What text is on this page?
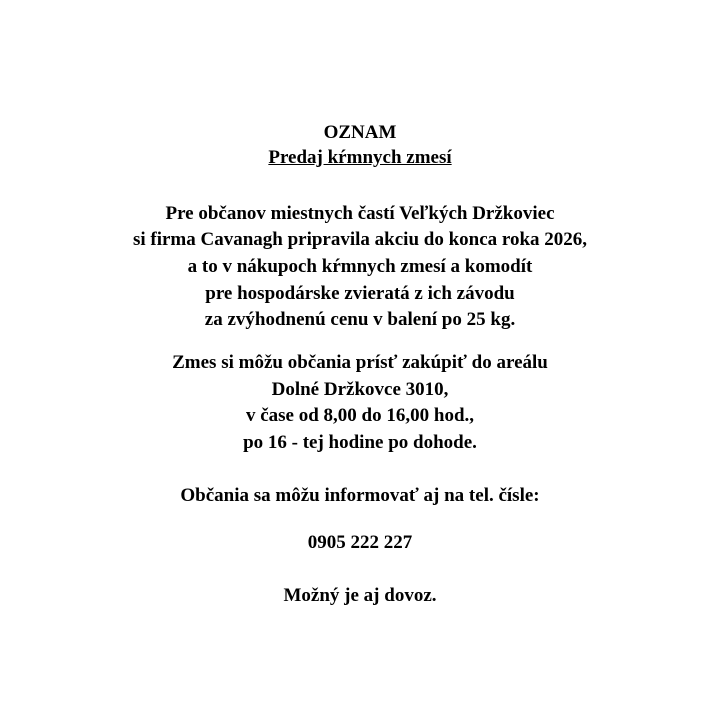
OZNAM
Predaj kŕmnych zmesí
Pre občanov miestnych častí Veľkých Držkoviec
si firma Cavanagh pripravila akciu do konca roka 2026,
a to v nákupoch kŕmnych zmesí a komodít
pre hospodárske zvieratá z ich závodu
za zvýhodnenú cenu v balení po 25 kg.
Zmes si môžu občania prísť zakúpiť do areálu
Dolné Držkovce 3010,
v čase od 8,00 do 16,00 hod.,
po 16 - tej hodine po dohode.
Občania sa môžu informovať aj na tel. čísle:
0905 222 227
Možný je aj dovoz.
